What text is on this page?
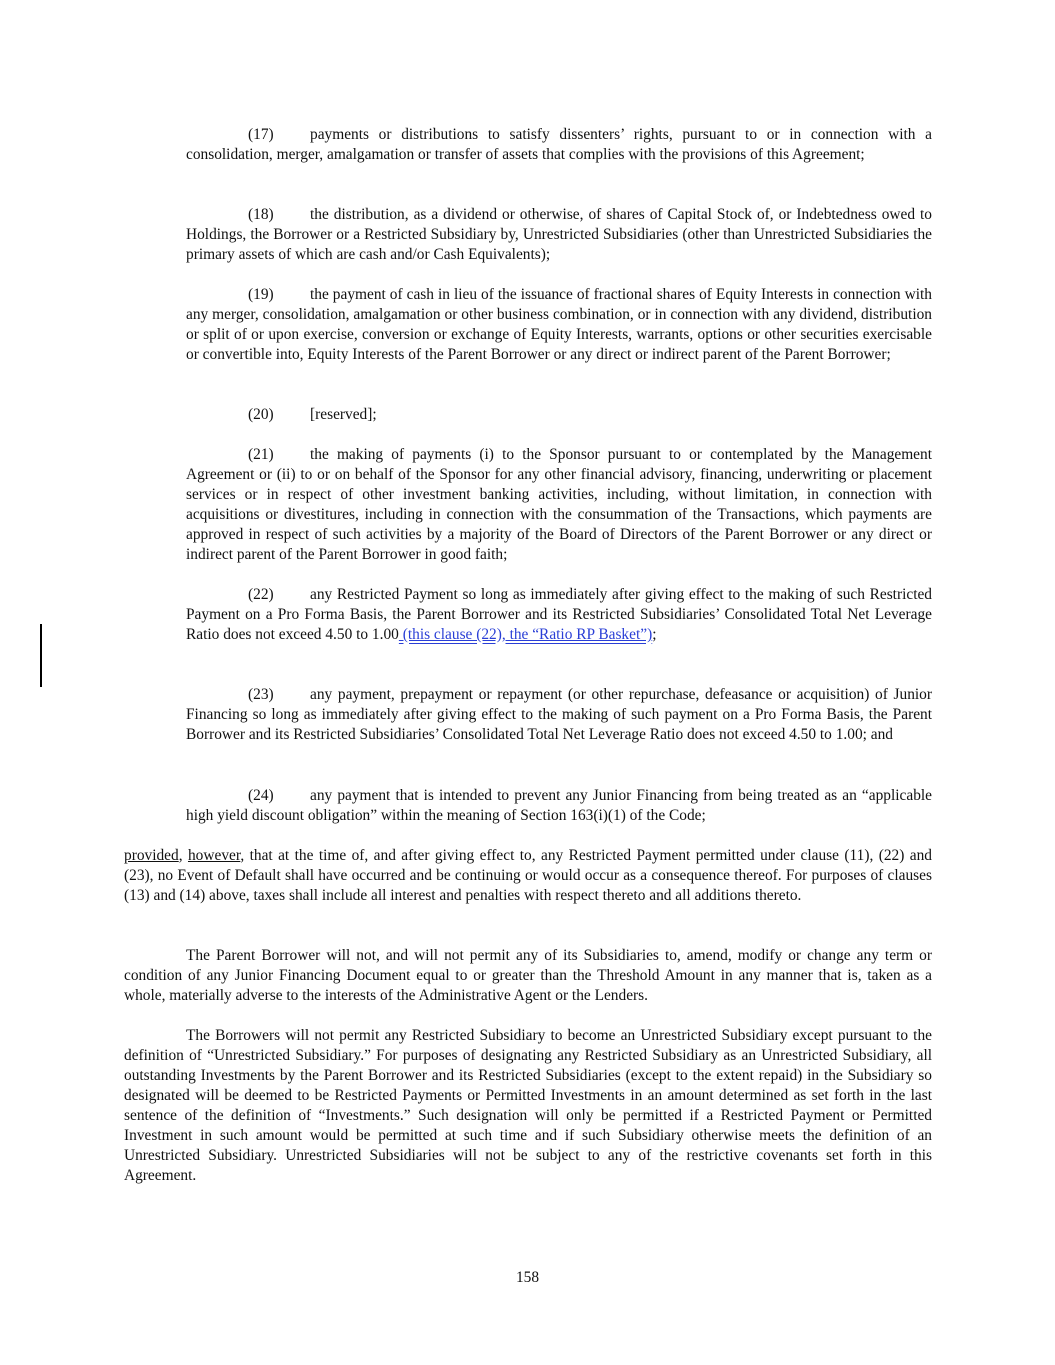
(17) payments or distributions to satisfy dissenters’ rights, pursuant to or in connection with a consolidation, merger, amalgamation or transfer of assets that complies with the provisions of this Agreement;
(18) the distribution, as a dividend or otherwise, of shares of Capital Stock of, or Indebtedness owed to Holdings, the Borrower or a Restricted Subsidiary by, Unrestricted Subsidiaries (other than Unrestricted Subsidiaries the primary assets of which are cash and/or Cash Equivalents);
(19) the payment of cash in lieu of the issuance of fractional shares of Equity Interests in connection with any merger, consolidation, amalgamation or other business combination, or in connection with any dividend, distribution or split of or upon exercise, conversion or exchange of Equity Interests, warrants, options or other securities exercisable or convertible into, Equity Interests of the Parent Borrower or any direct or indirect parent of the Parent Borrower;
(20) [reserved];
(21) the making of payments (i) to the Sponsor pursuant to or contemplated by the Management Agreement or (ii) to or on behalf of the Sponsor for any other financial advisory, financing, underwriting or placement services or in respect of other investment banking activities, including, without limitation, in connection with acquisitions or divestitures, including in connection with the consummation of the Transactions, which payments are approved in respect of such activities by a majority of the Board of Directors of the Parent Borrower or any direct or indirect parent of the Parent Borrower in good faith;
(22) any Restricted Payment so long as immediately after giving effect to the making of such Restricted Payment on a Pro Forma Basis, the Parent Borrower and its Restricted Subsidiaries’ Consolidated Total Net Leverage Ratio does not exceed 4.50 to 1.00 (this clause (22), the “Ratio RP Basket”);
(23) any payment, prepayment or repayment (or other repurchase, defeasance or acquisition) of Junior Financing so long as immediately after giving effect to the making of such payment on a Pro Forma Basis, the Parent Borrower and its Restricted Subsidiaries’ Consolidated Total Net Leverage Ratio does not exceed 4.50 to 1.00; and
(24) any payment that is intended to prevent any Junior Financing from being treated as an “applicable high yield discount obligation” within the meaning of Section 163(i)(1) of the Code;
provided, however, that at the time of, and after giving effect to, any Restricted Payment permitted under clause (11), (22) and (23), no Event of Default shall have occurred and be continuing or would occur as a consequence thereof. For purposes of clauses (13) and (14) above, taxes shall include all interest and penalties with respect thereto and all additions thereto.
The Parent Borrower will not, and will not permit any of its Subsidiaries to, amend, modify or change any term or condition of any Junior Financing Document equal to or greater than the Threshold Amount in any manner that is, taken as a whole, materially adverse to the interests of the Administrative Agent or the Lenders.
The Borrowers will not permit any Restricted Subsidiary to become an Unrestricted Subsidiary except pursuant to the definition of “Unrestricted Subsidiary.” For purposes of designating any Restricted Subsidiary as an Unrestricted Subsidiary, all outstanding Investments by the Parent Borrower and its Restricted Subsidiaries (except to the extent repaid) in the Subsidiary so designated will be deemed to be Restricted Payments or Permitted Investments in an amount determined as set forth in the last sentence of the definition of “Investments.” Such designation will only be permitted if a Restricted Payment or Permitted Investment in such amount would be permitted at such time and if such Subsidiary otherwise meets the definition of an Unrestricted Subsidiary. Unrestricted Subsidiaries will not be subject to any of the restrictive covenants set forth in this Agreement.
158
